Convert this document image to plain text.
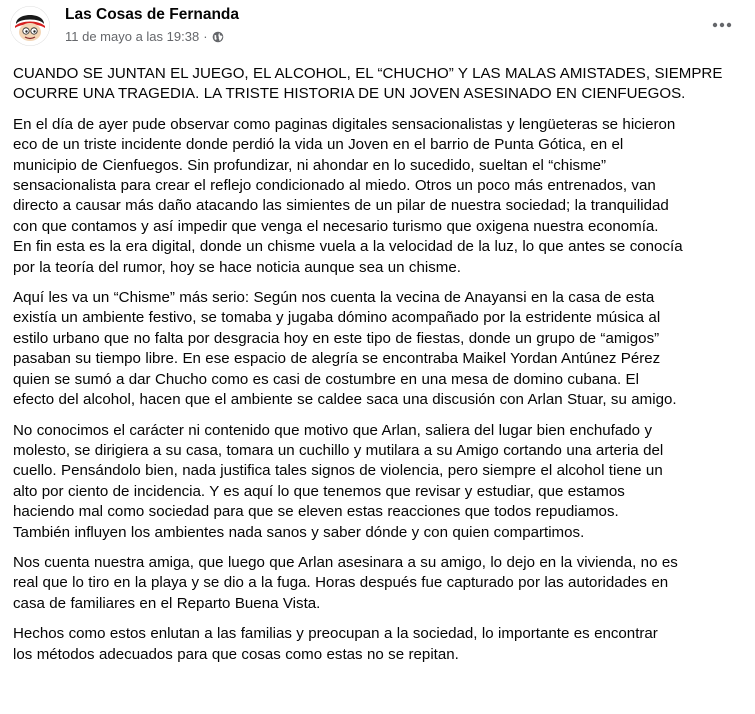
Las Cosas de Fernanda
11 de mayo a las 19:38 ·

CUANDO SE JUNTAN EL JUEGO, EL ALCOHOL, EL “CHUCHO” Y LAS MALAS AMISTADES, SIEMPRE
OCURRE UNA TRAGEDIA. LA TRISTE HISTORIA DE UN JOVEN ASESINADO EN CIENFUEGOS.

En el día de ayer pude observar como paginas digitales sensacionalistas y lengüeteras se hicieron
eco de un triste incidente donde perdió la vida un Joven en el barrio de Punta Gótica, en el
municipio de Cienfuegos. Sin profundizar, ni ahondar en lo sucedido, sueltan el “chisme”
sensacionalista para crear el reflejo condicionado al miedo. Otros un poco más entrenados, van
directo a causar más daño atacando las simientes de un pilar de nuestra sociedad; la tranquilidad
con que contamos y así impedir que venga el necesario turismo que oxigena nuestra economía.
En fin esta es la era digital, donde un chisme vuela a la velocidad de la luz, lo que antes se conocía
por la teoría del rumor, hoy se hace noticia aunque sea un chisme.

Aquí les va un “Chisme” más serio: Según nos cuenta la vecina de Anayansi en la casa de esta
existía un ambiente festivo, se tomaba y jugaba dómino acompañado por la estridente música al
estilo urbano que no falta por desgracia hoy en este tipo de fiestas, donde un grupo de “amigos”
pasaban su tiempo libre. En ese espacio de alegría se encontraba Maikel Yordan Antúnez Pérez
quien se sumó a dar Chucho como es casi de costumbre en una mesa de domino cubana. El
efecto del alcohol, hacen que el ambiente se caldee saca una discusión con Arlan Stuar, su amigo.

No conocimos el carácter ni contenido que motivo que Arlan, saliera del lugar bien enchufado y
molesto, se dirigiera a su casa, tomara un cuchillo y mutilara a su Amigo cortando una arteria del
cuello. Pensándolo bien, nada justifica tales signos de violencia, pero siempre el alcohol tiene un
alto por ciento de incidencia. Y es aquí lo que tenemos que revisar y estudiar, que estamos
haciendo mal como sociedad para que se eleven estas reacciones que todos repudiamos.
También influyen los ambientes nada sanos y saber dónde y con quien compartimos.

Nos cuenta nuestra amiga, que luego que Arlan asesinara a su amigo, lo dejo en la vivienda, no es
real que lo tiro en la playa y se dio a la fuga. Horas después fue capturado por las autoridades en
casa de familiares en el Reparto Buena Vista.

Hechos como estos enlutan a las familias y preocupan a la sociedad, lo importante es encontrar
los métodos adecuados para que cosas como estas no se repitan.
